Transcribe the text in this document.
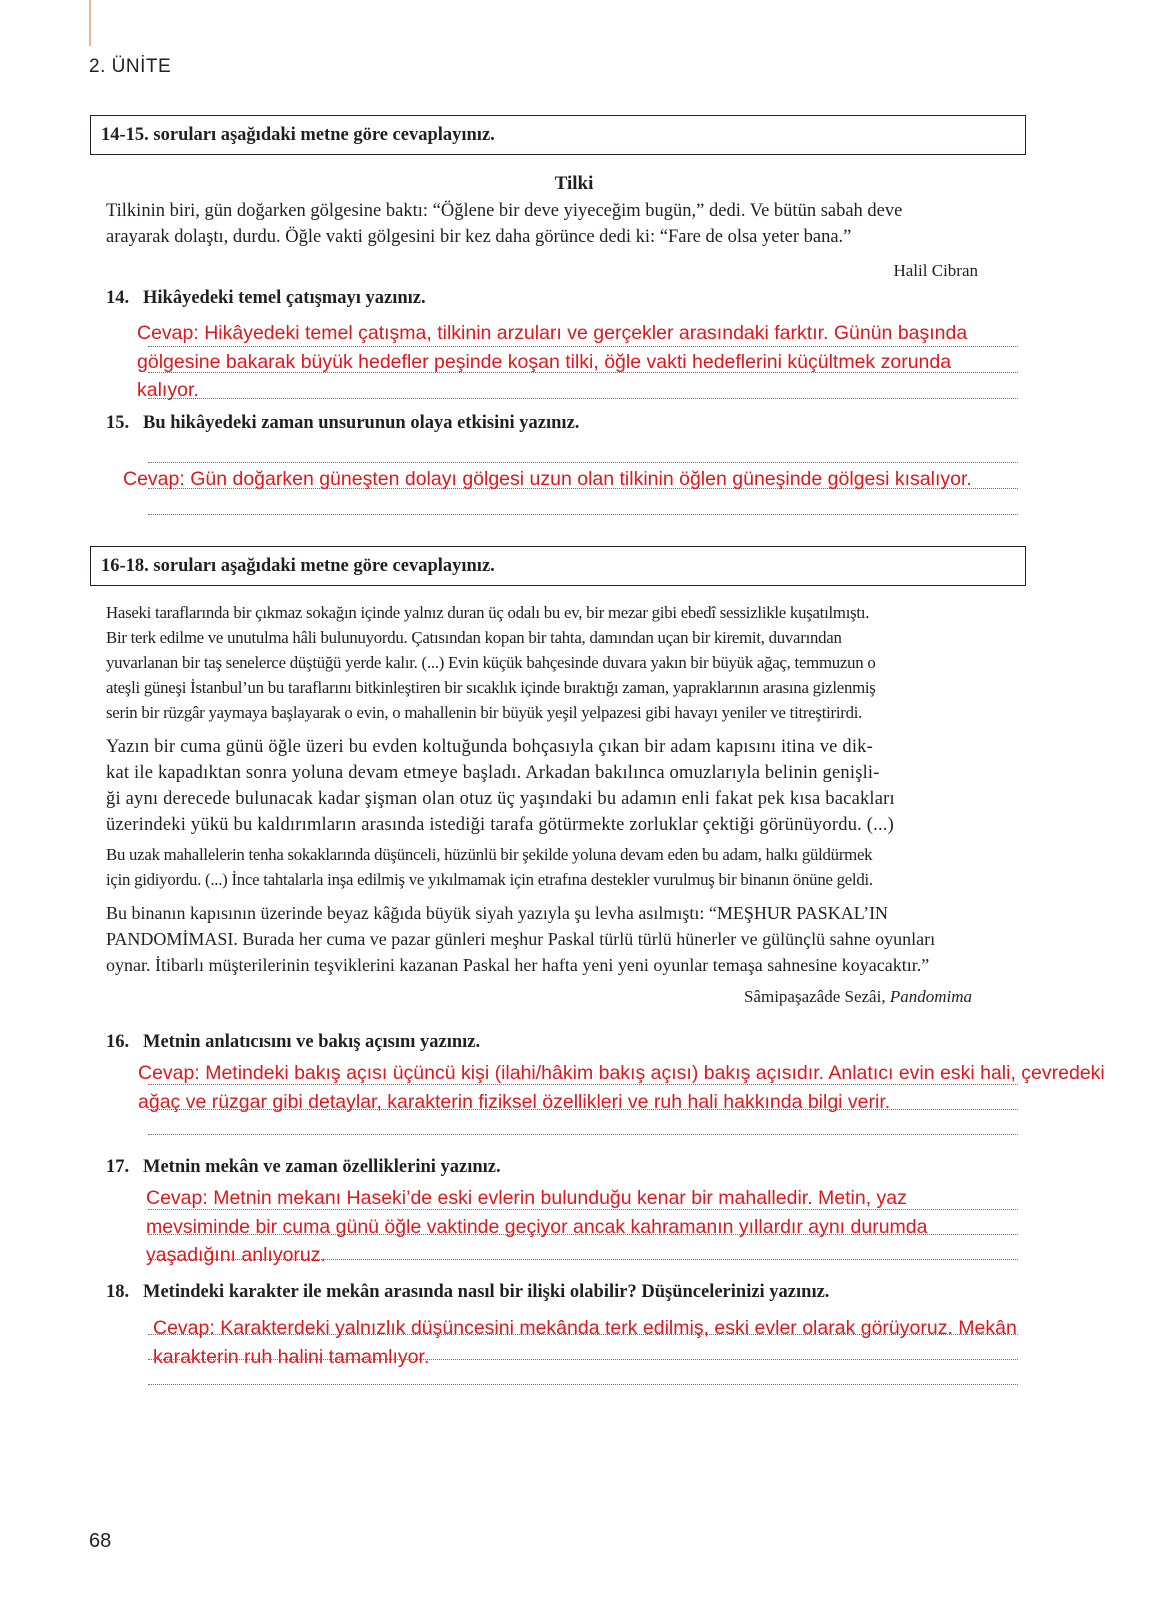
2. ÜNİTE
14-15. soruları aşağıdaki metne göre cevaplayınız.
Tilki
Tilkinin biri, gün doğarken gölgesine baktı: “Öğlene bir deve yiyeceğim bugün,” dedi. Ve bütün sabah deve
arayarak dolaştı, durdu. Öğle vakti gölgesini bir kez daha görünce dedi ki: “Fare de olsa yeter bana.”
Halil Cibran
14. Hikâyedeki temel çatışmayı yazınız.
Cevap: Hikâyedeki temel çatışma, tilkinin arzuları ve gerçekler arasındaki farktır. Günün başında
gölgesine bakarak büyük hedefler peşinde koşan tilki, öğle vakti hedeflerini küçültmek zorunda
kalıyor.
15. Bu hikâyedeki zaman unsurunun olaya etkisini yazınız.
Cevap: Gün doğarken güneşten dolayı gölgesi uzun olan tilkinin öğlen güneşinde gölgesi kısalıyor.
16-18. soruları aşağıdaki metne göre cevaplayınız.
Haseki taraflarında bir çıkmaz sokağın içinde yalnız duran üç odalı bu ev, bir mezar gibi ebedî sessizlikle kuşatılmıştı.
Bir terk edilme ve unutulma hâli bulunuyordu. Çatısından kopan bir tahta, damından uçan bir kiremit, duvarından
yuvarlanan bir taş senelerce düştüğü yerde kalır. (...) Evin küçük bahçesinde duvara yakın bir büyük ağaç, temmuzun o
ateşli güneşi İstanbul’un bu taraflarını bitkinleştiren bir sıcaklık içinde bıraktığı zaman, yapraklarının arasına gizlenmiş
serin bir rüzgâr yaymaya başlayarak o evin, o mahallenin bir büyük yeşil yelpazesi gibi havayı yeniler ve titreştirirdi.
Yazın bir cuma günü öğle üzeri bu evden koltuğunda bohçasıyla çıkan bir adam kapısını itina ve dik-
kat ile kapadıktan sonra yoluna devam etmeye başladı. Arkadan bakılınca omuzlarıyla belinin genişli-
ği aynı derecede bulunacak kadar şişman olan otuz üç yaşındaki bu adamın enli fakat pek kısa bacakları
üzerindeki yükü bu kaldırımların arasında istediği tarafa götürmekte zorluklar çektiği görünüyordu. (...)
Bu uzak mahallelerin tenha sokaklarında düşünceli, hüzünlü bir şekilde yoluna devam eden bu adam, halkı güldürmek
için gidiyordu. (...) İnce tahtalarla inşa edilmiş ve yıkılmamak için etrafına destekler vurulmuş bir binanın önüne geldi.
Bu binanın kapısının üzerinde beyaz kâğıda büyük siyah yazıyla şu levha asılmıştı: “MEŞHUR PASKAL’IN
PANDOMİMASI. Burada her cuma ve pazar günleri meşhur Paskal türlü türlü hünerler ve gülünçlü sahne oyunları
oynar. İtibarlı müşterilerinin teşviklerini kazanan Paskal her hafta yeni yeni oyunlar temaşa sahnesine koyacaktır.”
Sâmipaşazâde Sezâi, Pandomima
16. Metnin anlatıcısını ve bakış açısını yazınız.
Cevap: Metindeki bakış açısı üçüncü kişi (ilahi/hâkim bakış açısı) bakış açısıdır. Anlatıcı evin eski hali, çevredeki
ağaç ve rüzgar gibi detaylar, karakterin fiziksel özellikleri ve ruh hali hakkında bilgi verir.
17. Metnin mekân ve zaman özelliklerini yazınız.
Cevap: Metnin mekanı Haseki’de eski evlerin bulunduğu kenar bir mahalledir. Metin, yaz
mevsiminde bir cuma günü öğle vaktinde geçiyor ancak kahramanın yıllardır aynı durumda
yaşadığını anlıyoruz.
18. Metindeki karakter ile mekân arasında nasıl bir ilişki olabilir? Düşüncelerinizi yazınız.
Cevap: Karakterdeki yalnızlık düşüncesini mekânda terk edilmiş, eski evler olarak görüyoruz. Mekân
karakterin ruh halini tamamlıyor.
68
